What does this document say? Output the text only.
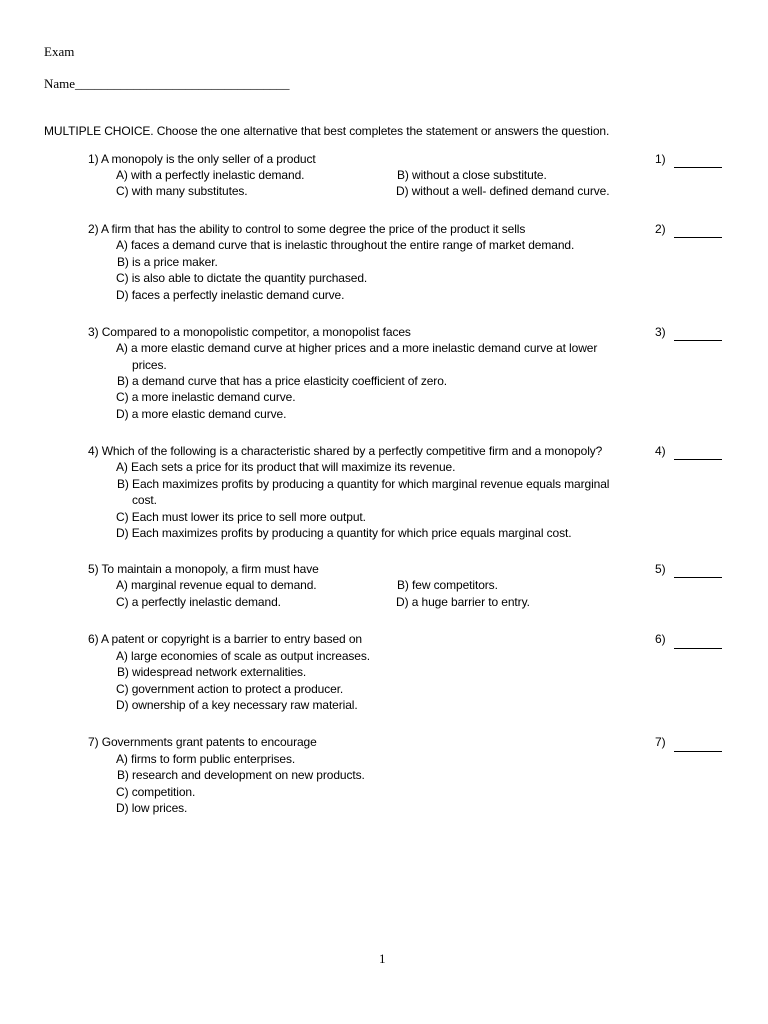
Exam
Name_________________________________
MULTIPLE CHOICE. Choose the one alternative that best completes the statement or answers the question.
1) A monopoly is the only seller of a product	1)
A) with a perfectly inelastic demand.	B) without a close substitute.
C) with many substitutes.	D) without a well- defined demand curve.
2) A firm that has the ability to control to some degree the price of the product it sells	2)
A) faces a demand curve that is inelastic throughout the entire range of market demand.
B) is a price maker.
C) is also able to dictate the quantity purchased.
D) faces a perfectly inelastic demand curve.
3) Compared to a monopolistic competitor, a monopolist faces	3)
A) a more elastic demand curve at higher prices and a more inelastic demand curve at lower
prices.
B) a demand curve that has a price elasticity coefficient of zero.
C) a more inelastic demand curve.
D) a more elastic demand curve.
4) Which of the following is a characteristic shared by a perfectly competitive firm and a monopoly?	4)
A) Each sets a price for its product that will maximize its revenue.
B) Each maximizes profits by producing a quantity for which marginal revenue equals marginal
cost.
C) Each must lower its price to sell more output.
D) Each maximizes profits by producing a quantity for which price equals marginal cost.
5) To maintain a monopoly, a firm must have	5)
A) marginal revenue equal to demand.	B) few competitors.
C) a perfectly inelastic demand.	D) a huge barrier to entry.
6) A patent or copyright is a barrier to entry based on	6)
A) large economies of scale as output increases.
B) widespread network externalities.
C) government action to protect a producer.
D) ownership of a key necessary raw material.
7) Governments grant patents to encourage	7)
A) firms to form public enterprises.
B) research and development on new products.
C) competition.
D) low prices.
1
